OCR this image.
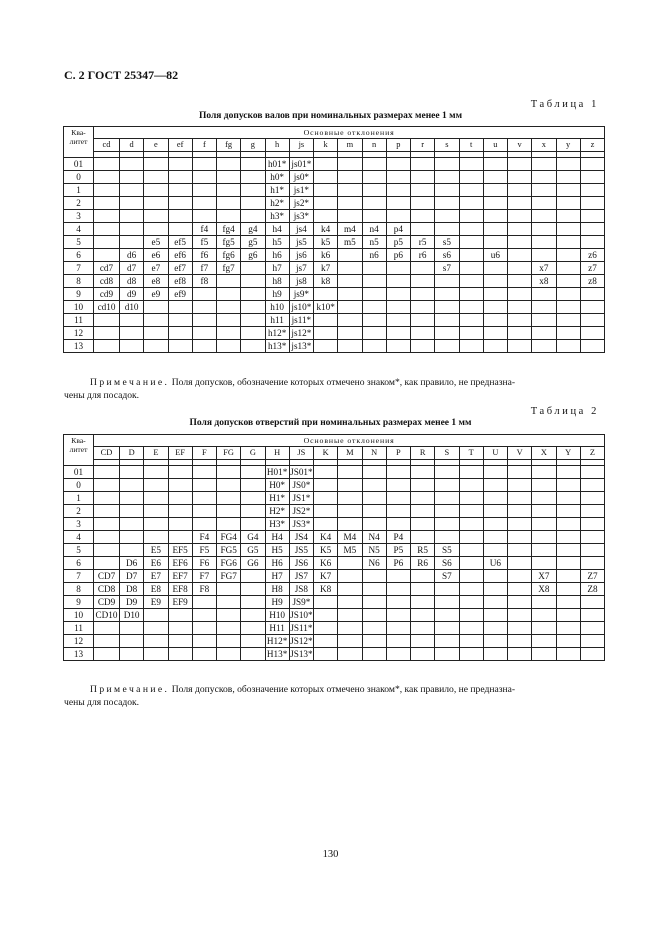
С. 2 ГОСТ 25347—82
Таблица 1
Поля допусков валов при номинальных размерах менее 1 мм
Ква-
литет	Основные отклонения																				
	cd	d	e	ef	f	fg	g	h	js	k	m	n	p	r	s	t	u	v	x	y	z

01								h01*	js01*												
0								h0*	js0*												
1								h1*	js1*												
2								h2*	js2*												
3								h3*	js3*												
4					f4	fg4	g4	h4	js4	k4	m4	n4	p4								
5			e5	ef5	f5	fg5	g5	h5	js5	k5	m5	n5	p5	r5	s5						
6		d6	e6	ef6	f6	fg6	g6	h6	js6	k6		n6	p6	r6	s6		u6				z6
7	cd7	d7	e7	ef7	f7	fg7		h7	js7	k7					s7				x7		z7
8	cd8	d8	e8	ef8	f8			h8	js8	k8									x8		z8
9	cd9	d9	e9	ef9				h9	js9*												
10	cd10	d10						h10	js10*	k10*											
11								h11	js11*												
12								h12*	js12*												
13								h13*	js13*												
Примечание. Поля допусков, обозначение которых отмечено знаком*, как правило, не предназна-
чены для посадок.
Таблица 2
Поля допусков отверстий при номинальных размерах менее 1 мм
Ква-
литет	Основные отклонения																				
	CD	D	E	EF	F	FG	G	H	JS	K	M	N	P	R	S	T	U	V	X	Y	Z

01								H01*	JS01*												
0								H0*	JS0*												
1								H1*	JS1*												
2								H2*	JS2*												
3								H3*	JS3*												
4					F4	FG4	G4	H4	JS4	K4	M4	N4	P4								
5			E5	EF5	F5	FG5	G5	H5	JS5	K5	M5	N5	P5	R5	S5						
6		D6	E6	EF6	F6	FG6	G6	H6	JS6	K6		N6	P6	R6	S6		U6				
7	CD7	D7	E7	EF7	F7	FG7		H7	JS7	K7					S7				X7		Z7
8	CD8	D8	E8	EF8	F8			H8	JS8	K8									X8		Z8
9	CD9	D9	E9	EF9				H9	JS9*												
10	CD10	D10						H10	JS10*												
11								H11	JS11*												
12								H12*	JS12*												
13								H13*	JS13*												
Примечание. Поля допусков, обозначение которых отмечено знаком*, как правило, не предназна-
чены для посадок.
130
